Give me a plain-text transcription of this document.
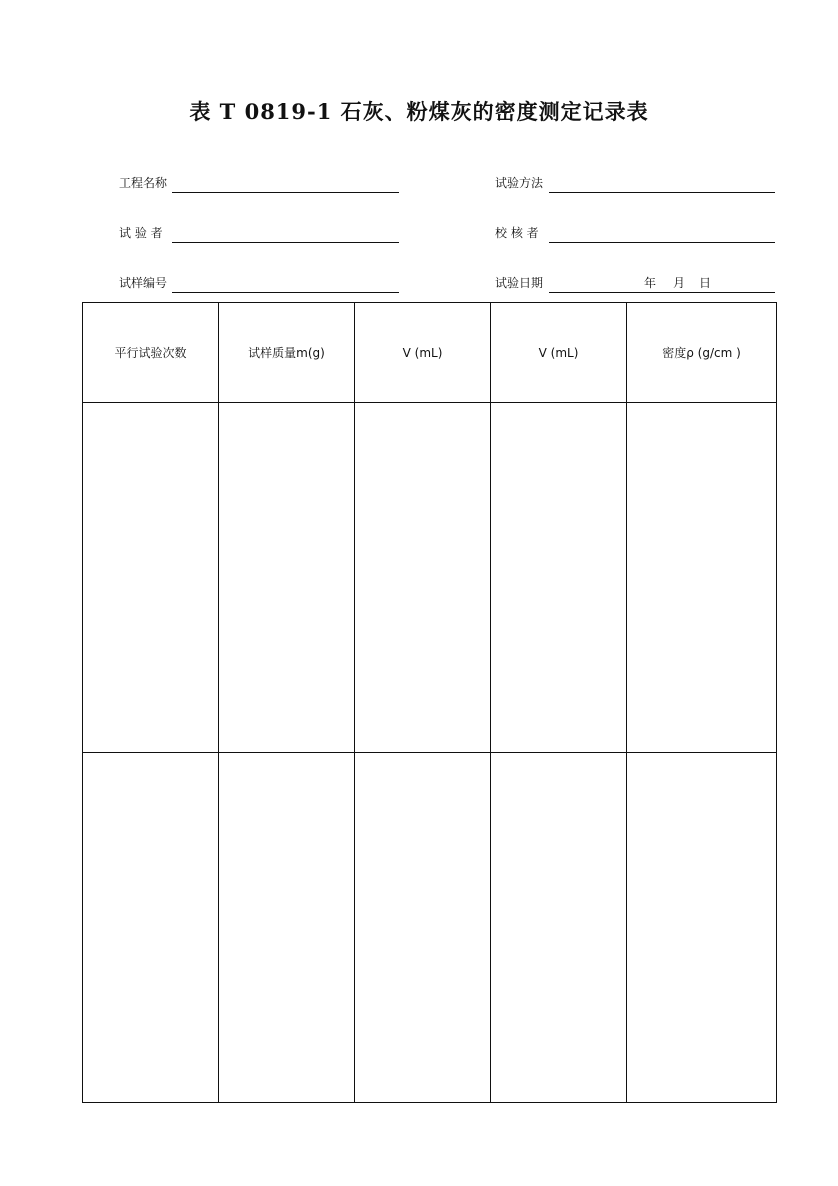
表 T 0819-1 石灰、粉煤灰的密度测定记录表
工程名称	试验方法
试 验 者	校 核 者
试样编号	试验日期	年 月 日
平行试验次数	试样质量m(g)	V (mL)	V (mL)	密度ρ (g/cm )
